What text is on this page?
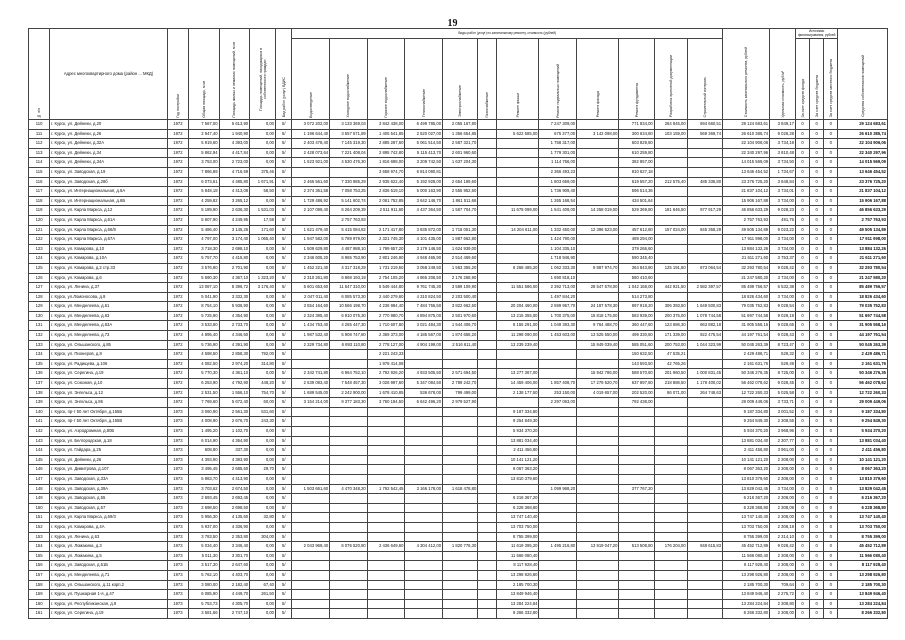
19
№ п/п	Адрес многоквартирного дома (район ... МКД)	Год постройки	Общая площадь, м кв	Площадь жилых и нежилых помещений, м кв	Площадь помещений, находящихся в собственности граждан	Вид работ (услуг) ВДИС	Виды работ (услуг) по капитальному ремонту, стоимость (рублей)												Стоимость капитального ремонта, рублей	Удельная стоимость, руб/м²	Источники финансирования, рублей			Средства собственников помещений
							Водоотведение	Холодное водоснабжение	Горячее водоснабжение	Теплоснабжение	Электроснабжение	Газоснабжение	Ремонт крыши	Ремонт подвальных помещений	Ремонт фасада	Ремонт фундамента	Разработка проектной документации	Строительный контроль			За счет средств фонда	За счет средств бюджета	За счет средств местного бюджета	
110	г. Курск, ул. Дейнеки, д.20	1972	7 567,00	5 613,90	0,00	5/	3 072 202,00	3 133 369,03	3 842 438,00	6 499 785,00	2 055 167,80			7 247 309,00		771 834,00	264 845,00	694 660,51	29 124 683,61	3 849,17	0	0	0	29 124 683,61
111	г. Курск, ул. Дейнеки, д.26	1972	2 947,40	1 940,90	0,00	5/	1 196 644,40	3 557 571,89	1 405 541,85	2 520 027,00	1 356 654,85		5 622 585,00	675 377,00	3 142 098,00	300 634,80	103 159,00	569 369,74	26 610 385,74	9 028,28	0	0	0	26 610 385,74
112	г. Курск, ул. Дейнеки, д.32А	1972	5 919,60	4 393,00	0,00	5/	2 403 478,40	7 145 319,30	2 885 287,60	5 061 514,50	2 587 321,70			1 758 317,00		603 829,80			22 104 906,06	3 734,19	0	0	0	22 104 906,06
113	г. Курск, ул. Дейнеки, д.34	1972	5 862,94	4 417,84	0,00	5/	2 428 073,64	7 221 408,04	2 895 742,80	5 115 413,70	2 601 960,60			1 779 301,00		610 259,80			22 340 297,96	3 810,48	0	0	0	22 340 297,96
114	г. Курск, ул. Дейнеки, д.34А	1972	3 753,00	2 723,00	0,00	5/	1 523 921,00	4 530 476,30	1 816 698,00	3 209 742,50	1 637 204,30			1 114 766,00		382 857,00			14 015 569,09	3 734,50	0	0	0	14 015 569,09
115	г. Курск, ул. Заводская, д.19	1972	7 866,89	4 716,59	375,46	5/			3 658 974,70	6 814 090,81				2 366 493,23		810 627,18			13 646 454,52	1 734,67	0	0	0	13 646 454,52
116	г. Курск, ул. Заводская, д.28б	1972	6 073,61	4 485,80	1 671,91	5/	2 465 561,60	7 330 885,29	2 935 622,40	5 192 928,00	2 654 189,60			1 803 659,00		619 557,20	212 575,40	485 336,80	23 376 725,20	3 848,84	0	0	0	23 376 725,20
117	г. Курск, ул. Интернациональная, д.6А	1972	5 848,18	4 413,08	58,50	5/	2 374 361,58	7 058 753,25	2 836 519,10	5 000 163,90	2 555 952,50			1 736 909,40		596 514,36			21 837 104,12	3 734,01	0	0	0	21 837 104,12
118	г. Курск, ул. Интернациональная, д.6Б	1972	4 259,82	3 265,12	0,00	5/	1 729 486,92	5 141 602,74	2 061 752,85	3 642 146,70	1 861 511,66			1 265 168,54		434 501,64			15 906 167,88	3 734,00	0	0	0	15 906 167,88
119	г. Курск, ул. Карла Маркса, д.12	1972	5 189,90	2 636,30	1 531,03	5/	2 107 099,40	6 264 209,39	2 511 911,60	4 437 364,50	1 567 704,70		11 678 099,00	1 541 409,00	14 258 019,00	529 369,80	181 646,50	977 917,29	46 856 633,29	9 028,23	0	0	0	46 856 633,29
120	г. Курск, ул. Карла Маркса, д.61А	1972	5 607,90	4 249,95	17,59	5/		2 757 763,93											2 757 763,93	491,76	0	0	0	2 757 763,93
121	г. Курск, ул. Карла Маркса, д.66/8	1972	5 486,40	3 145,26	171,60	5/	1 621 479,40	5 415 084,82	2 171 417,80	3 835 872,00	1 716 051,30		14 204 611,00	1 332 450,00	12 396 523,00	457 612,80	157 024,00	845 358,29	49 505 134,89	9 023,22	0	0	0	49 505 134,89
122	г. Курск, ул. Карла Маркса, д.67А	1972	4 797,00	3 174,40	1 065,40	5/	1 947 582,00	5 789 979,00	2 321 745,30	4 101 435,00	1 887 662,80			1 424 790,00		489 294,00			17 911 998,00	3 734,00	0	0	0	17 911 998,00
123	г. Курск, ул. Комарова, д.10	1972	3 718,30	2 698,10	0,00	5/	1 509 629,80	4 487 988,10	1 799 657,20	3 179 146,50	1 624 939,00			1 104 335,10		379 266,60			13 884 132,26	3 734,00	0	0	0	13 884 132,26
124	г. Курск, ул. Комарова, д.10А	1972	5 757,70	4 415,80	0,00	5/	2 346 605,20	6 965 753,90	2 801 246,90	4 948 465,90	2 514 469,60			1 718 946,90		590 345,40			21 611 271,60	3 753,37	0	0	0	21 611 271,60
125	г. Курск, ул. Комарова, д.2 стр.33	1972	3 576,90	2 701,90	0,00	5/	1 452 221,40	4 317 318,29	1 731 219,50	3 058 249,50	1 563 355,20		8 268 485,20	1 062 333,30	9 887 974,70	364 843,80	125 191,50	673 064,54	32 293 780,54	9 028,42	0	0	0	32 293 780,54
126	г. Курск, ул. Комарова, д.6	1972	5 690,30	4 367,10	1 323,20	5/	2 310 261,80	6 868 193,19	2 754 105,20	4 865 206,50	2 176 268,90			1 690 818,10		580 410,60			21 247 580,20	3 734,00	0	0	0	21 247 580,20
127	г. Курск, ул. Ленина, д.37	1972	13 087,10	8 396,72	3 176,40	5/	5 601 653,60	11 547 310,00	5 549 444,80	9 761 745,30	3 589 109,90		11 551 586,00	2 392 713,00	28 547 578,00	1 042 168,00	442 921,50	2 582 397,57	85 489 756,57	6 532,38	0	0	0	85 489 756,57
128	г. Курск, ул.Ломоносова, д.9	1972	5 041,90	3 332,30	0,00	5/	2 047 011,40	6 085 573,30	2 440 279,60	4 310 824,50	2 203 500,40			1 497 844,20		514 273,80			18 826 434,60	3 734,00	0	0	0	18 826 434,60
129	г. Курск, ул. Менделеева, д.61	1972	8 754,10	5 936,90	0,00	5/	3 554 164,60	10 566 198,70	4 236 984,40	7 484 755,50	3 822 662,50		20 204 460,00	2 599 967,70	24 187 578,30	897 918,20	306 393,50	1 649 500,83	79 035 752,83	9 028,54	0	0	0	79 035 752,83
130	г. Курск, ул. Менделеева, д.63	1972	5 725,90	4 354,90	0,00	5/	2 324 395,40	6 910 075,30	2 770 980,70	4 894 875,00	2 501 970,60		13 215 355,00	1 700 375,00	15 818 175,00	583 939,00	200 375,00	1 078 744,58	51 697 744,58	9 029,19	0	0	0	51 697 744,58
131	г. Курск, ул. Менделеева, д.63А	1972	3 533,80	2 733,70	0,00	5/	1 434 763,40	4 265 447,30	1 710 607,80	3 021 484,30	1 544 406,70		8 155 291,00	1 049 393,30	9 764 488,70	360 447,60	123 686,30	663 882,18	31 905 558,16	9 028,65	0	0	0	31 905 558,16
132	г. Курск, ул. Менделеева, д.73	1972	4 895,40	4 346,60	0,00	5/	1 987 532,40	5 908 747,80	2 369 373,00	4 185 567,00	1 874 658,20		11 298 090,00	1 453 603,00	13 525 550,00	499 330,80	171 339,00	922 475,54	44 197 761,54	9 028,43	0	0	0	44 197 761,54
133	г. Курск, ул. Ольшанского, д.85	1972	5 736,90	4 391,90	0,00	5/	2 329 734,80	6 893 110,80	2 778 127,00	4 904 199,00	2 516 611,40		13 239 239,40		15 849 039,40	585 051,60	200 753,00	1 044 323,99	50 045 263,39	8 723,47	0	0	0	50 045 263,39
134	г. Курск, ул. Пионеров, д.8	1972	4 598,50	2 858,30	792,00	5/			2 221 243,33							150 632,50	47 535,21		2 429 486,71	528,32	0	0	0	2 429 486,71
135	г. Курск, ул. Радищева, д.106	1972	4 082,50	2 974,20	314,80	5/			1 978 414,08							143 593,50	42 765,26		2 161 631,76	529,49	0	0	0	2 161 631,76
136	г. Курск, ул. Серегина, д.19	1972	5 770,30	4 361,10	0,00	5/	2 342 741,80	6 964 752,10	2 792 926,20	4 933 505,50	2 571 694,50		13 277 367,00		15 942 786,00	588 570,60	201 960,50	1 000 831,45	50 346 276,35	8 725,00	0	0	0	50 346 276,35
137	г. Курск, ул. Союзная, д.10	1972	6 253,90	4 792,90	448,20	5/	2 539 083,40	7 548 457,30	3 026 997,60	5 347 084,50	2 789 242,70		14 459 406,00	1 857 408,70	17 279 520,70	637 897,80	218 886,50	1 178 400,02	56 462 078,62	9 028,45	0	0	0	56 462 078,62
138	г. Курск, ул. Энгельса, д.12	1972	2 531,50	1 556,10	754,70	5/	1 689 545,00	2 242 900,00	1 678 410,85	536 678,00	799 499,00		2 138 177,50	253 150,00	4 019 657,00	202 520,00	86 071,00	264 748,63	12 722 260,33	5 025,58	0	0	0	12 722 260,33
139	г. Курск, ул. Энгельса, д.86	1972	7 769,60	5 672,40	60,00	5/	3 154 214,00	9 377 183,30	3 760 194,50	6 642 496,20	2 979 527,90			2 297 063,00		792 438,00			29 009 449,06	3 733,71	0	0	0	29 009 449,06
140	г. Курск, пр-т 50 лет Октября, д.155Б	1973	3 060,90	2 561,30	531,60	5/							9 187 334,80						9 187 334,80	3 001,52	0	0	0	9 187 334,80
141	г. Курск, пр-т 50 лет Октября, д.155В	1973	4 008,90	2 676,70	243,30	5/							9 254 849,30						9 254 849,30	2 308,55	0	0	0	9 254 849,30
142	г. Курск, ул. Аэродромная, д.80Б	1973	1 495,20	1 102,70	0,00	5/							5 934 370,20						5 934 370,20	3 968,96	0	0	0	5 934 370,20
143	г. Курск, ул. Белгородская, д.18	1973	6 014,90	4 364,90	0,00	5/							13 881 034,40						13 881 034,40	2 307,77	0	0	0	13 881 034,40
144	г. Курск, ул. Гайдара, д.25	1973	608,80	337,30	0,00	5/							2 411 456,80						2 411 456,80	3 961,00	0	0	0	2 411 456,80
145	г. Курск, ул. Дейнеки, д.26	1973	4 393,90	4 393,90	0,00	5/							10 141 121,20						10 141 121,20	2 308,00	0	0	0	10 141 121,20
146	г. Курск, ул. Димитрова, д.107	1973	3 495,45	2 685,50	29,70	5/							8 067 363,20						8 067 363,20	2 308,00	0	0	0	8 067 363,20
147	г. Курск, ул. Заводская, д.33А	1973	5 983,70	4 413,90	0,00	5/							13 810 379,60						13 810 379,60	2 308,00	0	0	0	13 810 379,60
148	г. Курск, ул. Заводская, д.39А	1973	3 703,62	2 674,50	0,00	5/	1 503 661,60	4 470 348,20	1 792 542,45	3 166 178,00	1 618 478,80			1 099 968,20		377 767,20			13 829 042,45	3 734,00	0	0	0	13 829 042,45
149	г. Курск, ул. Заводская, д.55	1973	2 693,45	2 693,45	0,00	5/							6 216 367,20						6 216 367,20	2 308,00	0	0	0	6 216 367,20
150	г. Курск, ул. Заводская, д.57	1973	2 698,50	2 698,50	0,00	5/							6 228 368,80						6 228 368,80	2 308,09	0	0	0	6 228 368,80
151	г. Курск, ул. Карла Маркса, д.69/3	1973	5 956,30	4 135,60	32,80	5/							13 747 140,40						13 747 140,40	2 308,00	0	0	0	13 747 140,40
152	г. Курск, ул. Комарова, д.4А	1973	5 937,00	4 336,90	0,00	5/							13 703 750,00						13 703 750,00	2 308,19	0	0	0	13 703 750,00
153	г. Курск, ул. Ленина, д.63	1973	3 783,50	2 353,80	304,00	5/							8 755 399,00						8 755 399,00	2 314,10	0	0	0	8 755 399,00
154	г. Курск, ул. Ломакина, д.3	1973	5 034,40	3 346,40	0,00	5/	2 043 969,40	6 076 520,80	2 436 649,60	4 304 412,00	1 820 776,30		11 619 395,20	1 495 216,80	13 919 047,20	513 508,80	176 204,00	948 615,83	45 452 712,89	9 028,42	0	0	0	45 452 712,89
155	г. Курск, ул. Ломакина, д.5	1973	5 011,30	3 301,70	0,00	5/							11 566 080,40						11 566 080,40	2 308,00	0	0	0	11 566 080,40
156	г. Курск, ул. Заводская, д.51Б	1973	3 517,30	2 647,60	0,00	5/							8 117 928,40						8 117 928,40	2 308,00	0	0	0	8 117 928,40
157	г. Курск, ул. Менделеева, д.71	1973	5 762,10	4 403,70	0,00	5/							13 298 926,80						13 298 926,80	2 308,00	0	0	0	13 298 926,80
158	г. Курск, ул. Ольшанского, д.11 корп.2	1973	3 080,00	2 182,40	67,40	5/							2 185 700,30						2 185 700,30	709,64	0	0	0	2 185 700,30
159	г. Курск, ул. Пушкарная 1-я, д.47	1973	6 085,90	4 449,70	261,50	5/							13 849 946,40						13 849 946,40	2 275,72	0	0	0	13 849 946,40
160	г. Курск, ул. Республиканская, д.9	1973	5 753,73	4 305,70	0,00	5/							13 284 224,84						13 284 224,84	2 308,80	0	0	0	13 284 224,84
161	г. Курск, ул. Серегина, д.19	1973	3 581,66	2 747,10	0,00	5/							8 266 332,80						8 266 332,80	2 308,00	0	0	0	8 266 332,80
